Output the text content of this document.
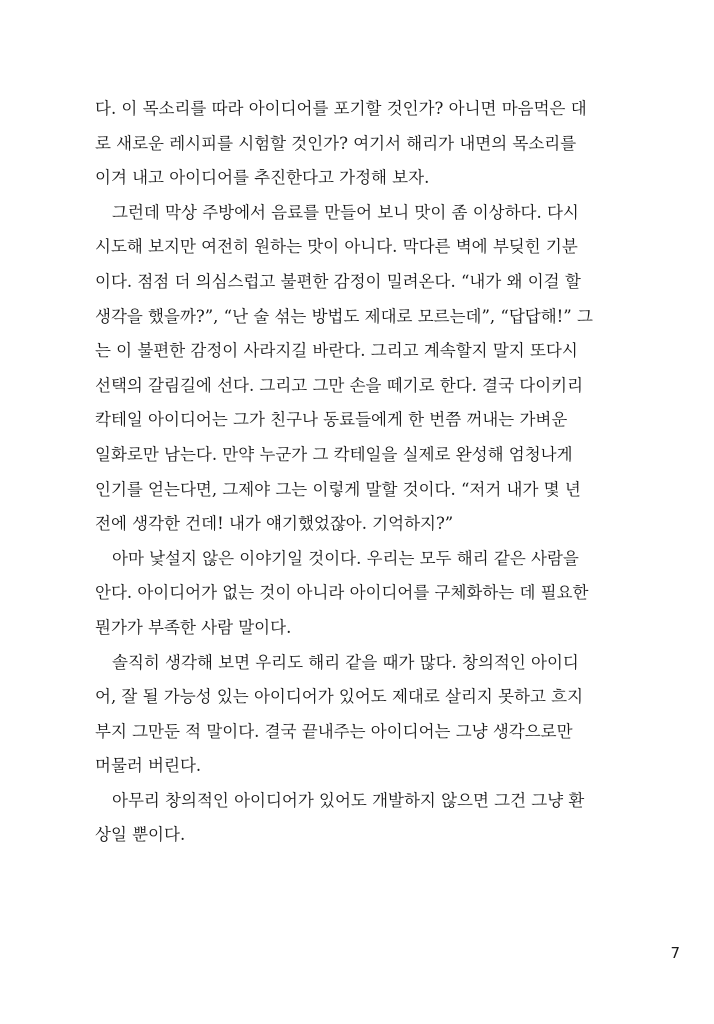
다. 이 목소리를 따라 아이디어를 포기할 것인가? 아니면 마음먹은 대
로 새로운 레시피를 시험할 것인가? 여기서 해리가 내면의 목소리를
이겨 내고 아이디어를 추진한다고 가정해 보자.
그런데 막상 주방에서 음료를 만들어 보니 맛이 좀 이상하다. 다시
시도해 보지만 여전히 원하는 맛이 아니다. 막다른 벽에 부딪힌 기분
이다. 점점 더 의심스럽고 불편한 감정이 밀려온다. “내가 왜 이걸 할
생각을 했을까?”, “난 술 섞는 방법도 제대로 모르는데”, “답답해!” 그
는 이 불편한 감정이 사라지길 바란다. 그리고 계속할지 말지 또다시
선택의 갈림길에 선다. 그리고 그만 손을 떼기로 한다. 결국 다이키리
칵테일 아이디어는 그가 친구나 동료들에게 한 번쯤 꺼내는 가벼운
일화로만 남는다. 만약 누군가 그 칵테일을 실제로 완성해 엄청나게
인기를 얻는다면, 그제야 그는 이렇게 말할 것이다. “저거 내가 몇 년
전에 생각한 건데! 내가 얘기했었잖아. 기억하지?”
아마 낯설지 않은 이야기일 것이다. 우리는 모두 해리 같은 사람을
안다. 아이디어가 없는 것이 아니라 아이디어를 구체화하는 데 필요한
뭔가가 부족한 사람 말이다.
솔직히 생각해 보면 우리도 해리 같을 때가 많다. 창의적인 아이디
어, 잘 될 가능성 있는 아이디어가 있어도 제대로 살리지 못하고 흐지
부지 그만둔 적 말이다. 결국 끝내주는 아이디어는 그냥 생각으로만
머물러 버린다.
아무리 창의적인 아이디어가 있어도 개발하지 않으면 그건 그냥 환
상일 뿐이다.
7
